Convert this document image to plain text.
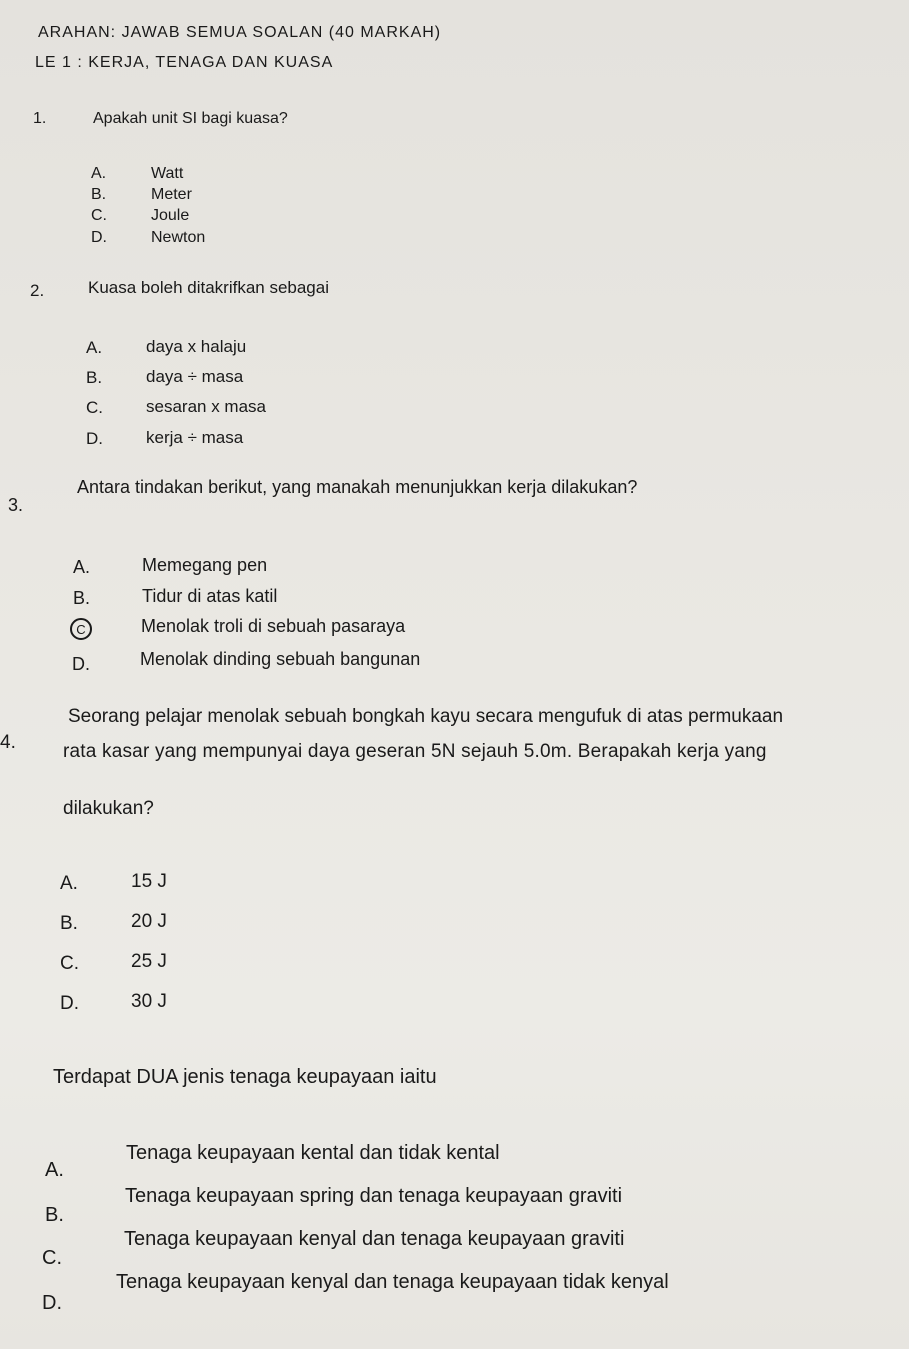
ARAHAN: JAWAB SEMUA SOALAN (40 MARKAH)
LE 1 : KERJA, TENAGA DAN KUASA
1.	Apakah unit SI bagi kuasa?
A.	Watt
B.	Meter
C.	Joule
D.	Newton
2.	Kuasa boleh ditakrifkan sebagai
A.	daya x halaju
B.	daya ÷ masa
C.	sesaran x masa
D.	kerja ÷ masa
3.
Antara tindakan berikut, yang manakah menunjukkan kerja dilakukan?
A.	Memegang pen
B.	Tidur di atas katil
C	Menolak troli di sebuah pasaraya
D.	Menolak dinding sebuah bangunan
4.
Seorang pelajar menolak sebuah bongkah kayu secara mengufuk di atas permukaan
rata kasar yang mempunyai daya geseran 5N sejauh 5.0m. Berapakah kerja yang
dilakukan?
A.	15 J
B.	20 J
C.	25 J
D.	30 J
Terdapat DUA jenis tenaga keupayaan iaitu
A.
Tenaga keupayaan kental dan tidak kental
B.
Tenaga keupayaan spring dan tenaga keupayaan graviti
C.
Tenaga keupayaan kenyal dan tenaga keupayaan graviti
D.
Tenaga keupayaan kenyal dan tenaga keupayaan tidak kenyal
